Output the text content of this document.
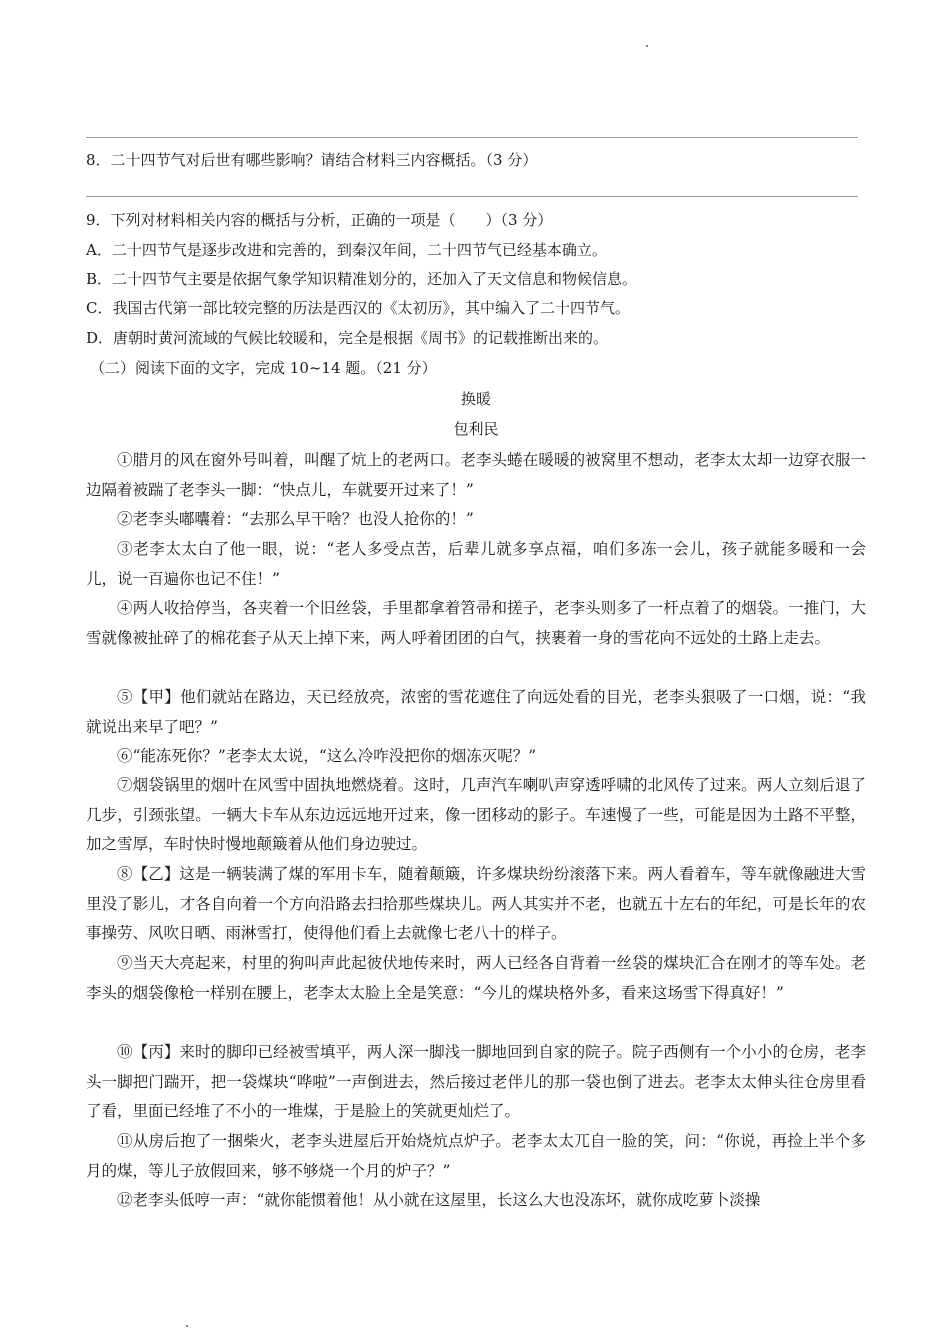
8．二十四节气对后世有哪些影响？请结合材料三内容概括。（3 分）
9．下列对材料相关内容的概括与分析，正确的一项是（　　）（3 分）
A．二十四节气是逐步改进和完善的，到秦汉年间，二十四节气已经基本确立。
B．二十四节气主要是依据气象学知识精准划分的，还加入了天文信息和物候信息。
C．我国古代第一部比较完整的历法是西汉的《太初历》，其中编入了二十四节气。
D．唐朝时黄河流域的气候比较暖和，完全是根据《周书》的记载推断出来的。
（二）阅读下面的文字，完成 10~14 题。（21 分）
换暖
包利民

①腊月的风在窗外号叫着，叫醒了炕上的老两口。老李头蜷在暖暖的被窝里不想动，老李太太却一边穿衣服一边隔着被踹了老李头一脚：“快点儿，车就要开过来了！”

②老李头嘟囔着：“去那么早干啥？也没人抢你的！”

③老李太太白了他一眼，说：“老人多受点苦，后辈儿就多享点福，咱们多冻一会儿，孩子就能多暖和一会儿，说一百遍你也记不住！”

④两人收拾停当，各夹着一个旧丝袋，手里都拿着笤帚和搓子，老李头则多了一杆点着了的烟袋。一推门，大雪就像被扯碎了的棉花套子从天上掉下来，两人呼着团团的白气，挟裹着一身的雪花向不远处的土路上走去。

⑤【甲】他们就站在路边，天已经放亮，浓密的雪花遮住了向远处看的目光，老李头狠吸了一口烟，说：“我就说出来早了吧？”

⑥“能冻死你？”老李太太说，“这么冷咋没把你的烟冻灭呢？”

⑦烟袋锅里的烟叶在风雪中固执地燃烧着。这时，几声汽车喇叭声穿透呼啸的北风传了过来。两人立刻后退了几步，引颈张望。一辆大卡车从东边远远地开过来，像一团移动的影子。车速慢了一些，可能是因为土路不平整，加之雪厚，车时快时慢地颠簸着从他们身边驶过。

⑧【乙】这是一辆装满了煤的军用卡车，随着颠簸，许多煤块纷纷滚落下来。两人看着车，等车就像融进大雪里没了影儿，才各自向着一个方向沿路去扫拾那些煤块儿。两人其实并不老，也就五十左右的年纪，可是长年的农事操劳、风吹日晒、雨淋雪打，使得他们看上去就像七老八十的样子。

⑨当天大亮起来，村里的狗叫声此起彼伏地传来时，两人已经各自背着一丝袋的煤块汇合在刚才的等车处。老李头的烟袋像枪一样别在腰上，老李太太脸上全是笑意：“今儿的煤块格外多，看来这场雪下得真好！”

⑩【丙】来时的脚印已经被雪填平，两人深一脚浅一脚地回到自家的院子。院子西侧有一个小小的仓房，老李头一脚把门踹开，把一袋煤块“哗啦”一声倒进去，然后接过老伴儿的那一袋也倒了进去。老李太太伸头往仓房里看了看，里面已经堆了不小的一堆煤，于是脸上的笑就更灿烂了。

⑪从房后抱了一捆柴火，老李头进屋后开始烧炕点炉子。老李太太兀自一脸的笑，问：“你说，再捡上半个多月的煤，等儿子放假回来，够不够烧一个月的炉子？”

⑫老李头低哼一声：“就你能惯着他！从小就在这屋里，长这么大也没冻坏，就你成吃萝卜淡操
